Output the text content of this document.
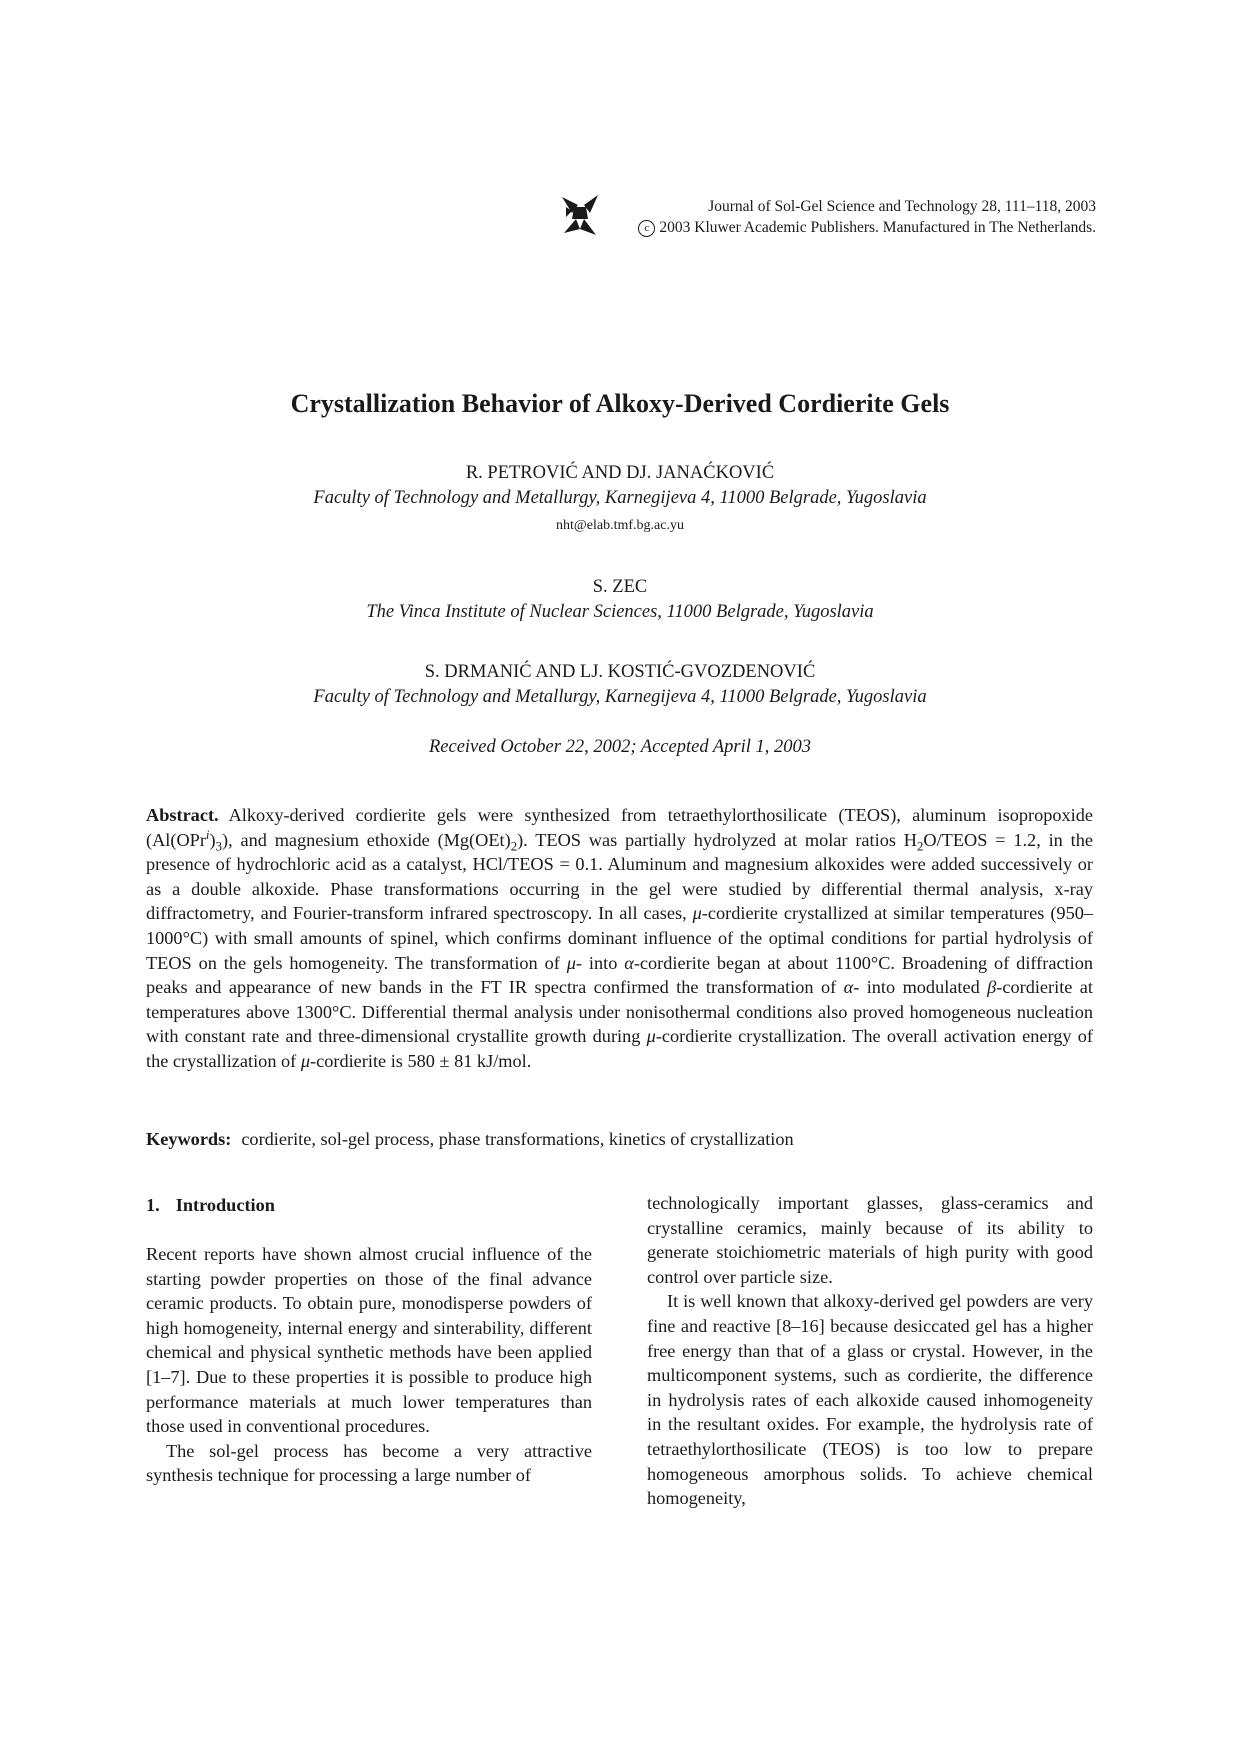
Journal of Sol-Gel Science and Technology 28, 111–118, 2003
c 2003 Kluwer Academic Publishers. Manufactured in The Netherlands.
Crystallization Behavior of Alkoxy-Derived Cordierite Gels
R. PETROVIĆ AND DJ. JANAĆKOVIĆ
Faculty of Technology and Metallurgy, Karnegijeva 4, 11000 Belgrade, Yugoslavia
nht@elab.tmf.bg.ac.yu
S. ZEC
The Vinca Institute of Nuclear Sciences, 11000 Belgrade, Yugoslavia
S. DRMANIĆ AND LJ. KOSTIĆ-GVOZDENOVIĆ
Faculty of Technology and Metallurgy, Karnegijeva 4, 11000 Belgrade, Yugoslavia
Received October 22, 2002; Accepted April 1, 2003
Abstract. Alkoxy-derived cordierite gels were synthesized from tetraethylorthosilicate (TEOS), aluminum isopropoxide $(Al(OPr^i)_3)$, and magnesium ethoxide $(Mg(OEt)_2)$. TEOS was partially hydrolyzed at molar ratios $H_2O$/TEOS = 1.2, in the presence of hydrochloric acid as a catalyst, HCl/TEOS = 0.1. Aluminum and magnesium alkoxides were added successively or as a double alkoxide. Phase transformations occurring in the gel were studied by differential thermal analysis, x-ray diffractometry, and Fourier-transform infrared spectroscopy. In all cases, μ-cordierite crystallized at similar temperatures (950–1000°C) with small amounts of spinel, which confirms dominant influence of the optimal conditions for partial hydrolysis of TEOS on the gels homogeneity. The transformation of μ- into α-cordierite began at about 1100°C. Broadening of diffraction peaks and appearance of new bands in the FT IR spectra confirmed the transformation of α- into modulated β-cordierite at temperatures above 1300°C. Differential thermal analysis under nonisothermal conditions also proved homogeneous nucleation with constant rate and three-dimensional crystallite growth during μ-cordierite crystallization. The overall activation energy of the crystallization of μ-cordierite is 580 ± 81 kJ/mol.
Keywords: cordierite, sol-gel process, phase transformations, kinetics of crystallization
1. Introduction

Recent reports have shown almost crucial influence of the starting powder properties on those of the final advance ceramic products. To obtain pure, monodisperse powders of high homogeneity, internal energy and sinterability, different chemical and physical synthetic methods have been applied [1–7]. Due to these properties it is possible to produce high performance materials at much lower temperatures than those used in conventional procedures.

The sol-gel process has become a very attractive synthesis technique for processing a large number of

technologically important glasses, glass-ceramics and crystalline ceramics, mainly because of its ability to generate stoichiometric materials of high purity with good control over particle size.

It is well known that alkoxy-derived gel powders are very fine and reactive [8–16] because desiccated gel has a higher free energy than that of a glass or crystal. However, in the multicomponent systems, such as cordierite, the difference in hydrolysis rates of each alkoxide caused inhomogeneity in the resultant oxides. For example, the hydrolysis rate of tetraethylorthosilicate (TEOS) is too low to prepare homogeneous amorphous solids. To achieve chemical homogeneity,
